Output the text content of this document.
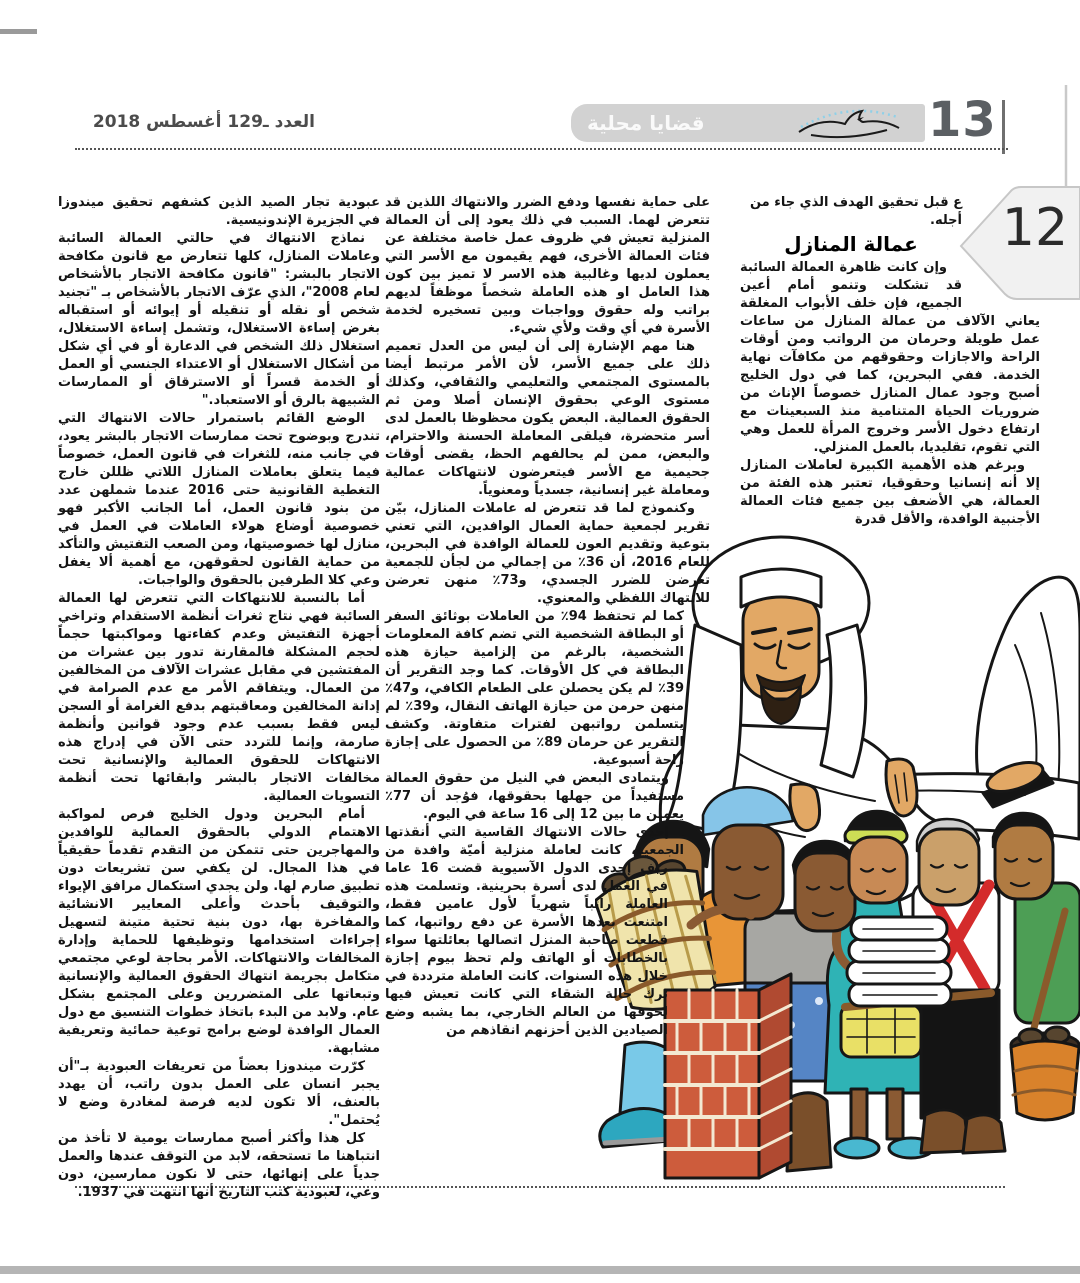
قضايا محلية	13
العدد ـ129 أغسطس 2018
12

ع قبل تحقيق الهدف الذي جاء من أجله.

عمالة المنازل

وإن كانت ظاهرة العمالة السائبة قد تشكلت وتنمو أمام أعين الجميع، فإن خلف الأبواب المغلقة يعاني الآلاف من عمالة المنازل من ساعات عمل طويلة وحرمان من الرواتب ومن أوقات الراحة والاجازات وحقوقهم من مكافآت نهاية الخدمة. ففي البحرين، كما في دول الخليج أصبح وجود عمال المنازل خصوصاً الإناث من ضروريات الحياة المتنامية منذ السبعينات مع ارتفاع دخول الأسر وخروج المرأة للعمل وهي التي تقوم، تقليديا، بالعمل المنزلي.

وبرغم هذه الأهمية الكبيرة لعاملات المنازل إلا أنه إنسانيا وحقوقيا، تعتبر هذه الفئة من العمالة، هي الأضعف بين جميع فئات العمالة الأجنبية الوافدة، والأقل قدرة

على حماية نفسها ودفع الضرر والانتهاك اللذين قد تتعرض لهما. السبب في ذلك يعود إلى أن العمالة المنزلية تعيش في ظروف عمل خاصة مختلفة عن فئات العمالة الأخرى، فهم يقيمون مع الأسر التي يعملون لديها وغالبية هذه الاسر لا تميز بين كون هذا العامل او هذه العاملة شخصاً موظفاً لديهم براتب وله حقوق وواجبات وبين تسخيره لخدمة الأسرة في أي وقت ولأي شيء.

هنا مهم الإشارة إلى أن ليس من العدل تعميم ذلك على جميع الأسر، لأن الأمر مرتبط أيضا بالمستوى المجتمعي والتعليمي والثقافي، وكذلك مستوى الوعي بحقوق الإنسان أصلا ومن ثم الحقوق العمالية. البعض يكون محظوظا بالعمل لدى أسر متحضرة، فيلقى المعاملة الحسنة والاحترام، والبعض، ممن لم يحالفهم الحظ، يقضى أوقات جحيمية مع الأسر فيتعرضون لانتهاكات عمالية ومعاملة غير إنسانية، جسدياً ومعنوياً.

وكنموذج لما قد تتعرض له عاملات المنازل، بيّن تقرير لجمعية حماية العمال الوافدين، التي تعني بتوعية وتقديم العون للعمالة الوافدة في البحرين، للعام 2016، أن 36٪ من إجمالي من لجأن للجمعية تعرضن للضرر الجسدي، و73٪ منهن تعرضن للانتهاك اللفظي والمعنوي.

كما لم تحتفظ 94٪ من العاملات بوثائق السفر أو البطاقة الشخصية التي تضم كافة المعلومات الشخصية، بالرغم من إلزامية حيازة هذه البطاقة في كل الأوقات. كما وجد التقرير أن 39٪ لم يكن يحصلن على الطعام الكافي، و47٪ منهن حرمن من حيازة الهاتف النقال، و39٪ لم يتسلمن رواتبهن لفترات متفاوتة. وكشف التقرير عن حرمان 89٪ من الحصول على إجازة راحة أسبوعية.

ويتمادى البعض في النيل من حقوق العمالة مستفيداً من جهلها بحقوقها، فوُجد أن 77٪ يعملن ما بين 12 إلى 16 ساعة في اليوم.

إحدى حالات الانتهاك القاسية التي أنقذتها الجمعية، كانت لعاملة منزلية أميّة وافدة من ريف إحدى الدول الآسيوية قضت 16 عاما في العمل لدى أسرة بحرينية. وتسلمت هذه العاملة راتباً شهرياً لأول عامين فقط، امتنعت بعدها الأسرة عن دفع رواتبها، كما قطعت صاحبة المنزل اتصالها بعائلتها سواء بالخطابات أو الهاتف ولم تحظ بيوم إجازة خلال هذه السنوات. كانت العاملة مترددة في ترك حالة الشقاء التي كانت تعيش فيها لخوفها من العالم الخارجي، بما يشبه وضع الصيادين الذين أحزنهم انقاذهم من

عبودية تجار الصيد الذين كشفهم تحقيق ميندوزا في الجزيرة الإندونيسية.

نماذج الانتهاك في حالتي العمالة السائبة وعاملات المنازل، كلها تتعارض مع قانون مكافحة الاتجار بالبشر: "قانون مكافحة الاتجار بالأشخاص لعام 2008"، الذي عرّف الاتجار بالأشخاص بـ "تجنيد شخص أو نقله أو تنقيله أو إيوائه أو استقباله بغرض إساءة الاستغلال، وتشمل إساءة الاستغلال، استغلال ذلك الشخص في الدعارة أو في أي شكل من أشكال الاستغلال أو الاعتداء الجنسي أو العمل أو الخدمة قسراً أو الاسترقاق أو الممارسات الشبيهة بالرق أو الاستعباد."

الوضع القائم باستمرار حالات الانتهاك التي تندرج وبوضوح تحت ممارسات الاتجار بالبشر يعود، في جانب منه، للثغرات في قانون العمل، خصوصاً فيما يتعلق بعاملات المنازل اللاتي ظللن خارج التغطية القانونية حتى 2016 عندما شملهن عدد من بنود قانون العمل، أما الجانب الأكبر فهو خصوصية أوضاع هولاء العاملات في العمل في منازل لها خصوصيتها، ومن الصعب التفتيش والتأكد من حماية القانون لحقوقهن، مع أهمية ألا يغفل وعي كلا الطرفين بالحقوق والواجبات.

أما بالنسبة للانتهاكات التي تتعرض لها العمالة السائبة فهي نتاج ثغرات أنظمة الاستقدام وتراخي أجهزة التفتيش وعدم كفاءتها ومواكبتها حجماً لحجم المشكلة فالمقارنة تدور بين عشرات من المفتشين في مقابل عشرات الآلاف من المخالفين من العمال. ويتفاقم الأمر مع عدم الصرامة في إدانة المخالفين ومعاقبتهم بدفع الغرامة أو السجن ليس فقط بسبب عدم وجود قوانين وأنظمة صارمة، وإنما للتردد حتى الآن في إدراج هذه الانتهاكات للحقوق العمالية والإنسانية تحت مخالفات الاتجار بالبشر وابقائها تحت أنظمة التسويات العمالية.

أمام البحرين ودول الخليج فرص لمواكبة الاهتمام الدولي بالحقوق العمالية للوافدين والمهاجرين حتى تتمكن من التقدم تقدماً حقيقياً في هذا المجال. لن يكفي سن تشريعات دون تطبيق صارم لها. ولن يجدي استكمال مرافق الإيواء والتوقيف بأحدث وأعلى المعايير الانشائية والمفاخرة بها، دون بنية تحتية متينة لتسهيل إجراءات استخدامها وتوظيفها للحماية وإدارة المخالفات والانتهاكات. الأمر بحاجة لوعي مجتمعي متكامل بجريمة انتهاك الحقوق العمالية والإنسانية وتبعاتها على المتضررين وعلى المجتمع بشكل عام. ولابد من البدء باتخاذ خطوات التنسيق مع دول العمال الوافدة لوضع برامج توعية حمائية وتعريفية مشابهة.

كرّرت ميندوزا بعضاً من تعريفات العبودية بـ"أن يجبر انسان على العمل بدون راتب، أن يهدد بالعنف، ألا تكون لديه فرصة لمغادرة وضع لا يُحتمل".

كل هذا وأكثر أصبح ممارسات يومية لا تأخذ من انتباهنا ما تستحقه، لابد من التوقف عندها والعمل جدياً على إنهائها، حتى لا نكون ممارسين، دون وعي، لعبودية كتب التاريخ أنها انتهت في 1937.
